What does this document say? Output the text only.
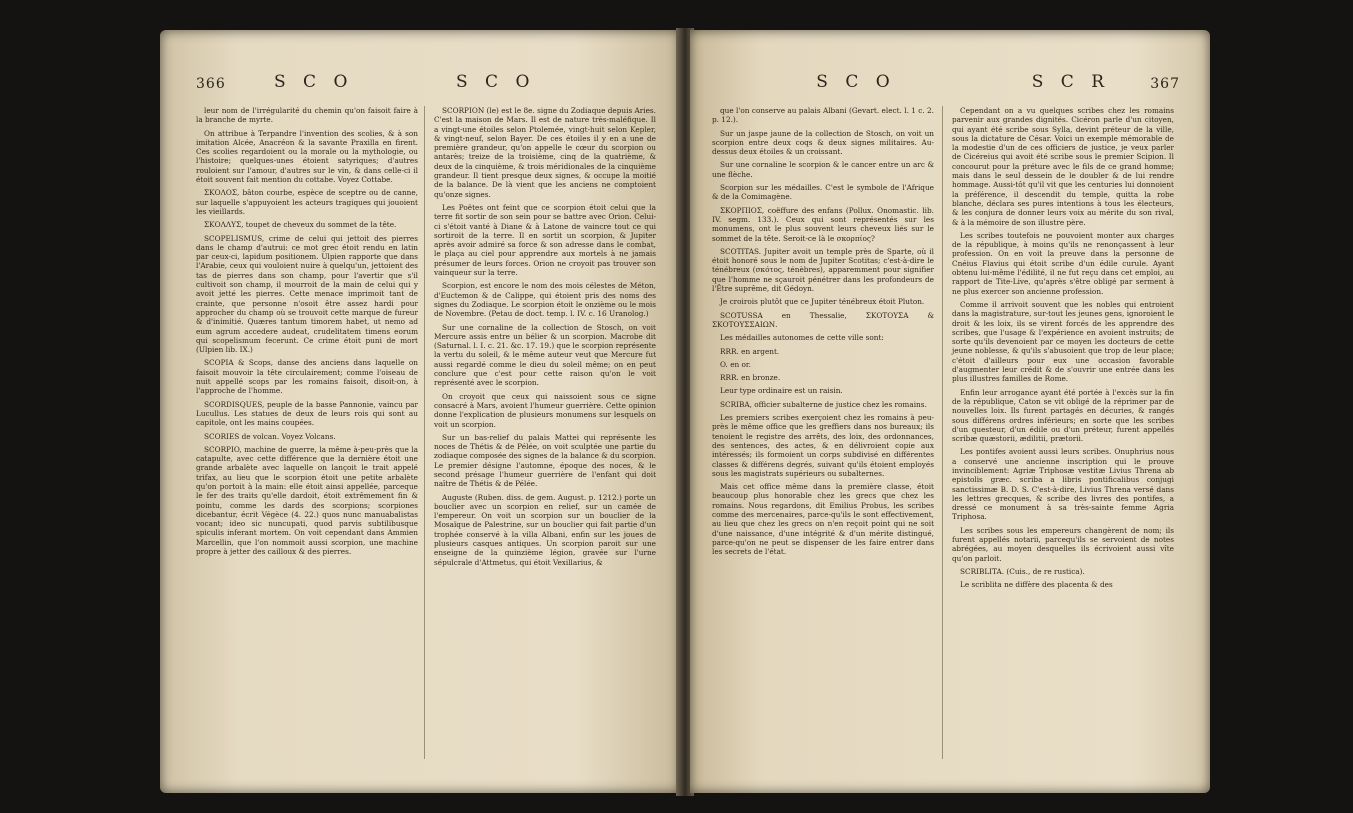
366	S C O	S C O

leur nom de l'irrégularité du chemin qu'on faisoit faire à la branche de myrte.

On attribue à Terpandre l'invention des scolies, & à son imitation Alcée, Anacréon & la savante Praxilla en firent. Ces scolies regardoient ou la morale ou la mythologie, ou l'histoire; quelques-unes étoient satyriques; d'autres rouloient sur l'amour, d'autres sur le vin, & dans celle-ci il étoit souvent fait mention du cottabe. Voyez Cottabe.

ΣΚΟΛΟΣ, bâton courbe, espèce de sceptre ou de canne, sur laquelle s'appuyoient les acteurs tragiques qui jouoient les vieillards.

ΣΚΟΛΛΥΣ, toupet de cheveux du sommet de la tête.

SCOPELISMUS, crime de celui qui jettoit des pierres dans le champ d'autrui: ce mot grec étoit rendu en latin par ceux-ci, lapidum positionem. Ulpien rapporte que dans l'Arabie, ceux qui vouloient nuire à quelqu'un, jettoient des tas de pierres dans son champ, pour l'avertir que s'il cultivoit son champ, il mourroit de la main de celui qui y avoit jetté les pierres. Cette menace imprimoit tant de crainte, que personne n'osoit être assez hardi pour approcher du champ où se trouvoit cette marque de fureur & d'inimitié. Quæres tantum timorem habet, ut nemo ad eum agrum accedere audeat, crudelitatem timens eorum qui scopelismum fecerunt. Ce crime étoit puni de mort (Ulpien lib. IX.)

SCOPIA & Scops, danse des anciens dans laquelle on faisoit mouvoir la tête circulairement; comme l'oiseau de nuit appellé scops par les romains faisoit, disoit-on, à l'approche de l'homme.

SCORDISQUES, peuple de la basse Pannonie, vaincu par Lucullus. Les statues de deux de leurs rois qui sont au capitole, ont les mains coupées.

SCORIES de volcan. Voyez Volcans.

SCORPIO, machine de guerre, la même à-peu-près que la catapulte, avec cette différence que la dernière étoit une grande arbalète avec laquelle on lançoit le trait appelé trifax, au lieu que le scorpion étoit une petite arbalète qu'on portoit à la main: elle étoit ainsi appellée, parceque le fer des traits qu'elle dardoit, étoit extrêmement fin & pointu, comme les dards des scorpions; scorpiones dicebantur, écrit Végèce (4. 22.) quos nunc manuabalistas vocant; ideo sic nuncupati, quod parvis subtilibusque spiculis inferant mortem. On voit cependant dans Ammien Marcellin, que l'on nommoit aussi scorpion, une machine propre à jetter des cailloux & des pierres.

SCORPION (le) est le 8e. signe du Zodiaque depuis Aries. C'est la maison de Mars. Il est de nature très-maléfique. Il a vingt-une étoiles selon Ptolemée, vingt-huit selon Kepler, & vingt-neuf, selon Bayer. De ces étoiles il y en a une de première grandeur, qu'on appelle le cœur du scorpion ou antarès; treize de la troisième, cinq de la quatrième, & deux de la cinquième, & trois méridionales de la cinquième grandeur. Il tient presque deux signes, & occupe la moitié de la balance. De là vient que les anciens ne comptoient qu'onze signes.

Les Poëtes ont feint que ce scorpion étoit celui que la terre fit sortir de son sein pour se battre avec Orion. Celui-ci s'étoit vanté à Diane & à Latone de vaincre tout ce qui sortiroit de la terre. Il en sortit un scorpion, & Jupiter après avoir admiré sa force & son adresse dans le combat, le plaça au ciel pour apprendre aux mortels à ne jamais présumer de leurs forces. Orion ne croyoit pas trouver son vainqueur sur la terre.

Scorpion, est encore le nom des mois célestes de Méton, d'Euctemon & de Calippe, qui étoient pris des noms des signes du Zodiaque. Le scorpion étoit le onzième ou le mois de Novembre. (Petau de doct. temp. l. IV. c. 16 Uranolog.)

Sur une cornaline de la collection de Stosch, on voit Mercure assis entre un bélier & un scorpion. Macrobe dit (Saturnal. l. I. c. 21. &c. 17. 19.) que le scorpion représente la vertu du soleil, & le même auteur veut que Mercure fut aussi regardé comme le dieu du soleil même; on en peut conclure que c'est pour cette raison qu'on le voit représenté avec le scorpion.

On croyoit que ceux qui naissoient sous ce signe consacré à Mars, avoient l'humeur guerrière. Cette opinion donne l'explication de plusieurs monumens sur lesquels on voit un scorpion.

Sur un bas-relief du palais Mattei qui représente les noces de Thétis & de Pélée, on voit sculptée une partie du zodiaque composée des signes de la balance & du scorpion. Le premier désigne l'automne, époque des noces, & le second présage l'humeur guerrière de l'enfant qui doit naître de Thétis & de Pélée.

Auguste (Ruben. diss. de gem. August. p. 1212.) porte un bouclier avec un scorpion en relief, sur un camée de l'empereur. On voit un scorpion sur un bouclier de la Mosaïque de Palestrine, sur un bouclier qui fait partie d'un trophée conservé à la villa Albani, enfin sur les joues de plusieurs casques antiques. Un scorpion paroit sur une enseigne de la quinzième légion, gravée sur l'urne sépulcrale d'Attmetus, qui étoit Vexillarius, &

S C O	S C R	367

que l'on conserve au palais Albani (Gevart. elect. l. 1 c. 2. p. 12.).

Sur un jaspe jaune de la collection de Stosch, on voit un scorpion entre deux coqs & deux signes militaires. Au-dessus deux étoiles & un croissant.

Sur une cornaline le scorpion & le cancer entre un arc & une flèche.

Scorpion sur les médailles. C'est le symbole de l'Afrique & de la Comimagène.

ΣΚΟΡΠΙΟΣ, coëffure des enfans (Pollux. Onomastic. lib. IV. segm. 133.). Ceux qui sont représentés sur les monumens, ont le plus souvent leurs cheveux liés sur le sommet de la tête. Seroit-ce là le σκορπίος?

SCOTITAS. Jupiter avoit un temple près de Sparte, où il étoit honoré sous le nom de Jupiter Scotitas; c'est-à-dire le ténébreux (σκότος, ténèbres), apparemment pour signifier que l'homme ne sçauroit pénétrer dans les profondeurs de l'Être suprême, dit Gédoyn.

Je croirois plutôt que ce Jupiter ténébreux étoit Pluton.

SCOTUSSA en Thessalie, ΣΚΟΤΟΥΣΑ & ΣΚΟΤΟΥΣΣΑΙΩΝ.

Les médailles autonomes de cette ville sont:

RRR. en argent.

O. en or.

RRR. en bronze.

Leur type ordinaire est un raisin.

SCRIBA, officier subalterne de justice chez les romains.

Les premiers scribes exerçoient chez les romains à peu-près le même office que les greffiers dans nos bureaux; ils tenoient le registre des arrêts, des loix, des ordonnances, des sentences, des actes, & en délivroient copie aux intéressés; ils formoient un corps subdivisé en différentes classes & différens degrés, suivant qu'ils étoient employés sous les magistrats supérieurs ou subalternes.

Mais cet office même dans la première classe, étoit beaucoup plus honorable chez les grecs que chez les romains. Nous regardons, dit Emilius Probus, les scribes comme des mercenaires, parce-qu'ils le sont effectivement, au lieu que chez les grecs on n'en reçoit point qui ne soit d'une naissance, d'une intégrité & d'un mérite distingué, parce-qu'on ne peut se dispenser de les faire entrer dans les secrets de l'état.

Cependant on a vu quelques scribes chez les romains parvenir aux grandes dignités. Cicéron parle d'un citoyen, qui ayant été scribe sous Sylla, devint préteur de la ville, sous la dictature de César. Voici un exemple mémorable de la modestie d'un de ces officiers de justice, je veux parler de Cicéreius qui avoit été scribe sous le premier Scipion. Il concourut pour la préture avec le fils de ce grand homme; mais dans le seul dessein de le doubler & de lui rendre hommage. Aussi-tôt qu'il vit que les centuries lui donnoient la préférence, il descendit du temple, quitta la robe blanche, déclara ses pures intentions à tous les électeurs, & les conjura de donner leurs voix au mérite du son rival, & à la mémoire de son illustre père.

Les scribes toutefois ne pouvoient monter aux charges de la république, à moins qu'ils ne renonçassent à leur profession. On en voit la preuve dans la personne de Cnéius Flavius qui étoit scribe d'un édile curule. Ayant obtenu lui-même l'édilité, il ne fut reçu dans cet emploi, au rapport de Tite-Live, qu'après s'être obligé par serment à ne plus exercer son ancienne profession.

Comme il arrivoit souvent que les nobles qui entroient dans la magistrature, sur-tout les jeunes gens, ignoroient le droit & les loix, ils se virent forcés de les apprendre des scribes, que l'usage & l'expérience en avoient instruits; de sorte qu'ils devenoient par ce moyen les docteurs de cette jeune noblesse, & qu'ils s'abusoient que trop de leur place; c'étoit d'ailleurs pour eux une occasion favorable d'augmenter leur crédit & de s'ouvrir une entrée dans les plus illustres familles de Rome.

Enfin leur arrogance ayant été portée à l'excès sur la fin de la république, Caton se vit obligé de la réprimer par de nouvelles loix. Ils furent partagés en décuries, & rangés sous différens ordres inférieurs; en sorte que les scribes d'un questeur, d'un édile ou d'un préteur, furent appellés scribæ quæstorii, ædilitii, prætorii.

Les pontifes avoient aussi leurs scribes. Onuphrius nous a conservé une ancienne inscription qui le prouve invinciblement: Agriæ Triphosæ vestitæ Livius Threna ab epistolis græc. scriba a libris pontificalibus conjugi sanctissimæ B. D. S. C'est-à-dire, Livius Threna versé dans les lettres grecques, & scribe des livres des pontifes, a dressé ce monument à sa très-sainte femme Agria Triphosa.

Les scribes sous les empereurs changèrent de nom; ils furent appellés notarii, parcequ'ils se servoient de notes abrégées, au moyen desquelles ils écrivoient aussi vîte qu'on parloit.

SCRIBLITA. (Cuis., de re rustica).

Le scriblita ne diffère des placenta & des
